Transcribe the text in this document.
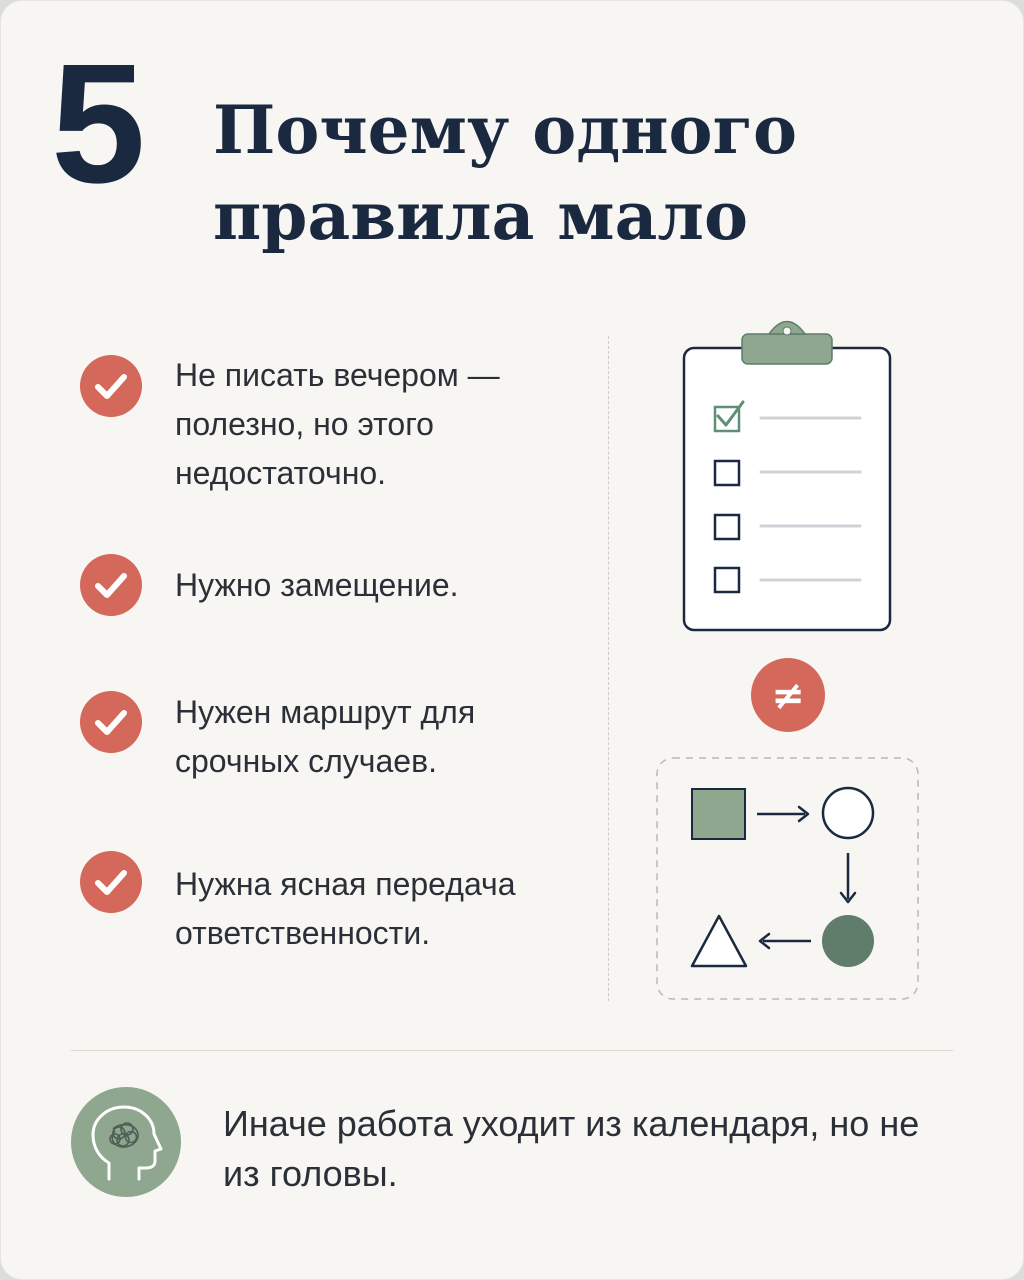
5 Почему одного правила мало
Не писать вечером — полезно, но этого недостаточно.
Нужно замещение.
Нужен маршрут для срочных случаев.
Нужна ясная передача ответственности.
≠
Иначе работа уходит из календаря, но не из головы.
